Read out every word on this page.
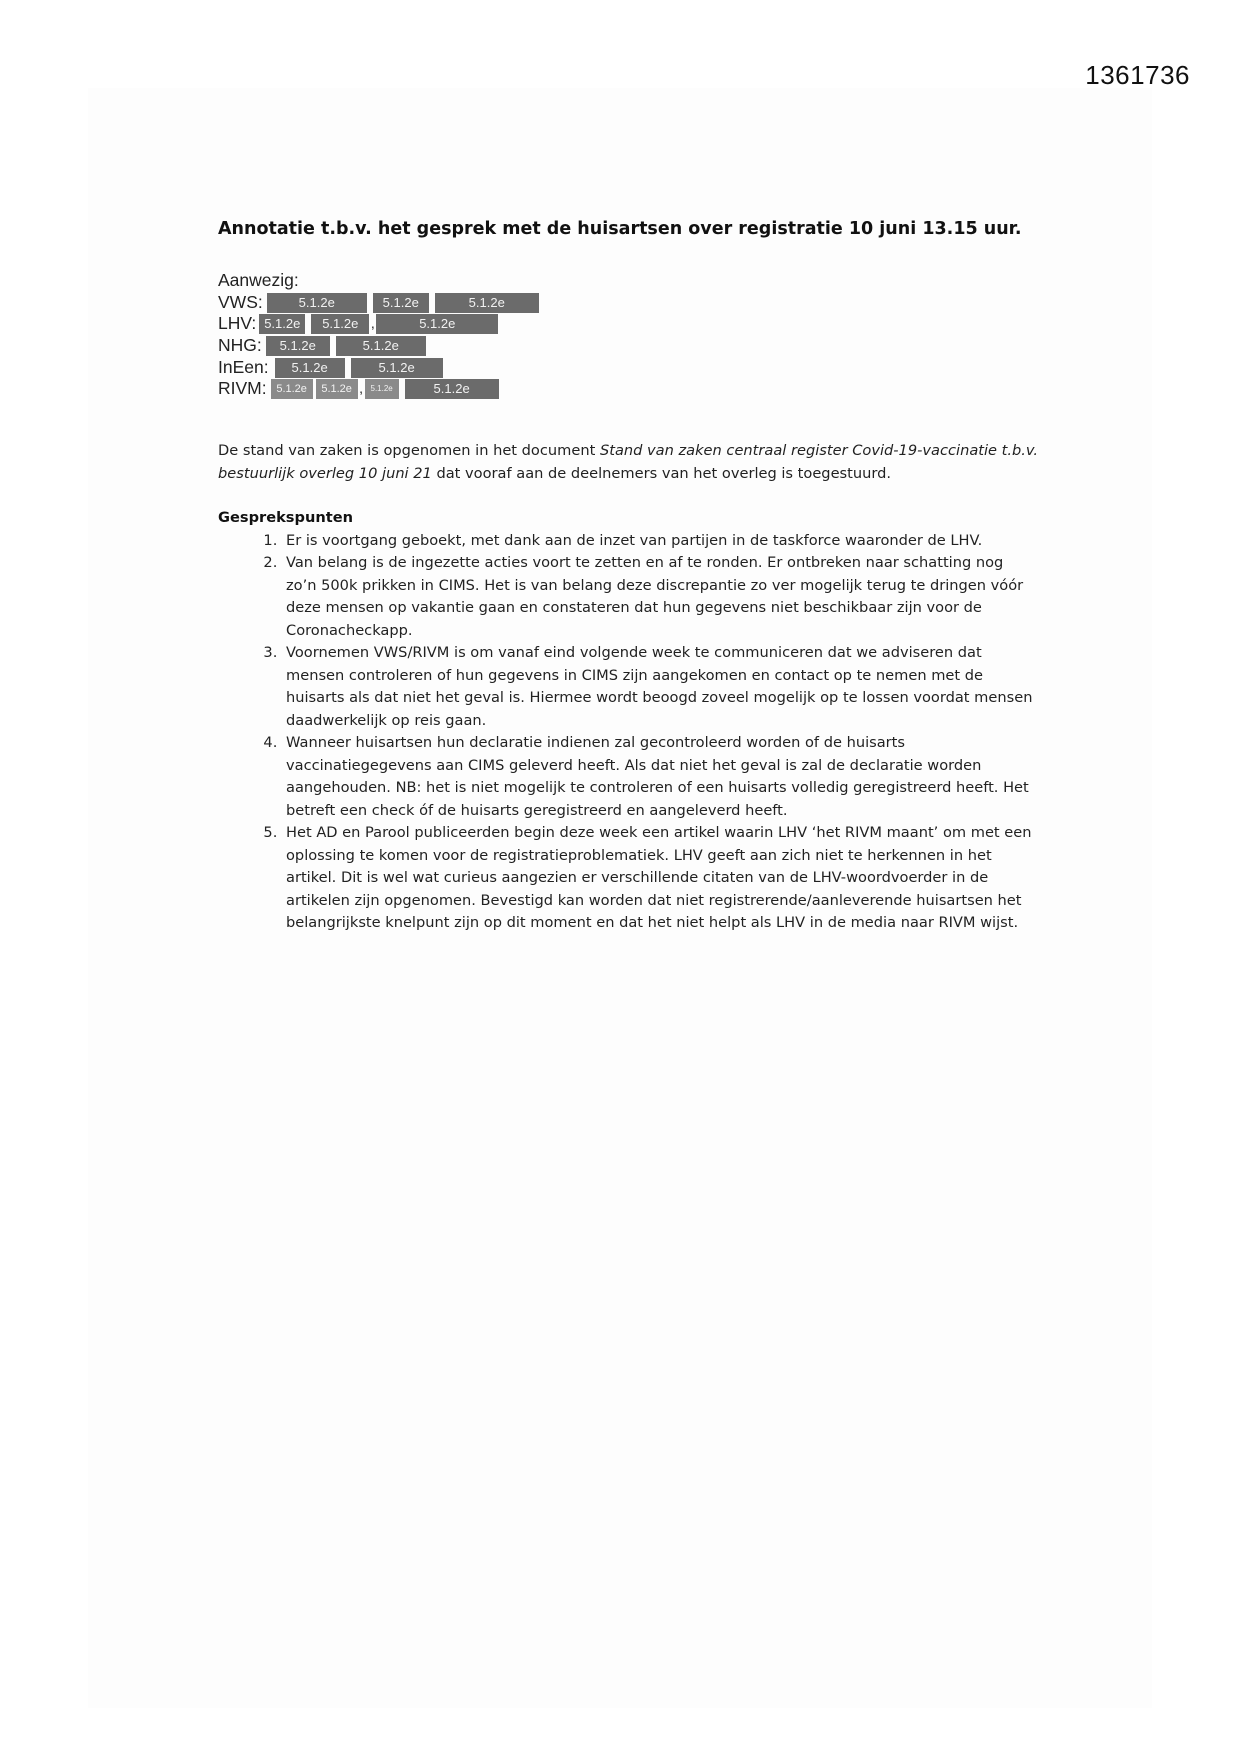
1361736
Annotatie t.b.v. het gesprek met de huisartsen over registratie 10 juni 13.15 uur.
Aanwezig:
VWS:	5.1.2e	5.1.2e	5.1.2e
LHV: 5.1.2e	5.1.2e ,	5.1.2e
NHG:	5.1.2e	5.1.2e
InEen:	5.1.2e	5.1.2e
RIVM: 5.1.2e	5.1.2e , 5.1.2e	5.1.2e

De stand van zaken is opgenomen in het document Stand van zaken centraal register Covid-19-vaccinatie t.b.v. bestuurlijk overleg 10 juni 21 dat vooraf aan de deelnemers van het overleg is toegestuurd.

Gesprekspunten
1. Er is voortgang geboekt, met dank aan de inzet van partijen in de taskforce waaronder de LHV.
2. Van belang is de ingezette acties voort te zetten en af te ronden. Er ontbreken naar schatting nog zo’n 500k prikken in CIMS. Het is van belang deze discrepantie zo ver mogelijk terug te dringen vóór deze mensen op vakantie gaan en constateren dat hun gegevens niet beschikbaar zijn voor de Coronacheckapp.
3. Voornemen VWS/RIVM is om vanaf eind volgende week te communiceren dat we adviseren dat mensen controleren of hun gegevens in CIMS zijn aangekomen en contact op te nemen met de huisarts als dat niet het geval is. Hiermee wordt beoogd zoveel mogelijk op te lossen voordat mensen daadwerkelijk op reis gaan.
4. Wanneer huisartsen hun declaratie indienen zal gecontroleerd worden of de huisarts vaccinatiegegevens aan CIMS geleverd heeft. Als dat niet het geval is zal de declaratie worden aangehouden. NB: het is niet mogelijk te controleren of een huisarts volledig geregistreerd heeft. Het betreft een check óf de huisarts geregistreerd en aangeleverd heeft.
5. Het AD en Parool publiceerden begin deze week een artikel waarin LHV ‘het RIVM maant’ om met een oplossing te komen voor de registratieproblematiek. LHV geeft aan zich niet te herkennen in het artikel. Dit is wel wat curieus aangezien er verschillende citaten van de LHV-woordvoerder in de artikelen zijn opgenomen. Bevestigd kan worden dat niet registrerende/aanleverende huisartsen het belangrijkste knelpunt zijn op dit moment en dat het niet helpt als LHV in de media naar RIVM wijst.
